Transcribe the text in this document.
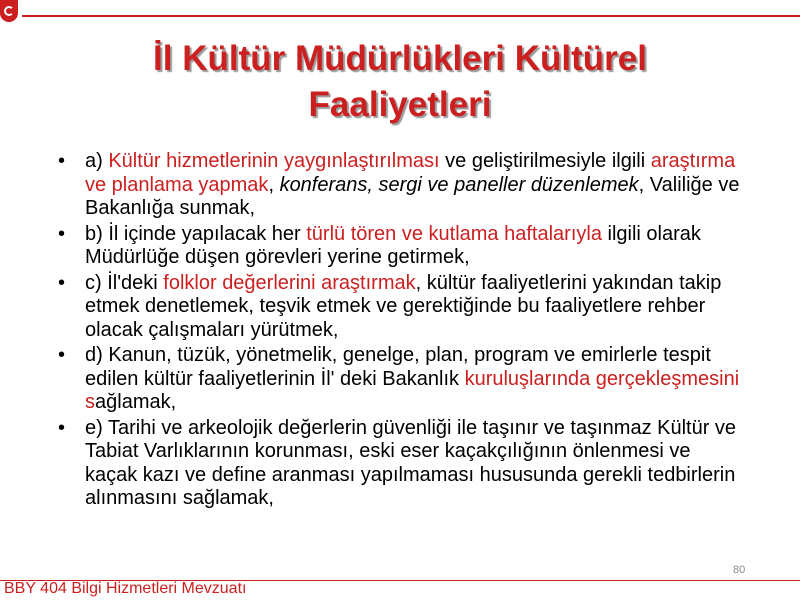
İl Kültür Müdürlükleri Kültürel
Faaliyetleri
• a) Kültür hizmetlerinin yaygınlaştırılması ve geliştirilmesiyle ilgili araştırma ve planlama yapmak, konferans, sergi ve paneller düzenlemek, Valiliğe ve Bakanlığa sunmak,
• b) İl içinde yapılacak her türlü tören ve kutlama haftalarıyla ilgili olarak Müdürlüğe düşen görevleri yerine getirmek,
• c) İl'deki folklor değerlerini araştırmak, kültür faaliyetlerini yakından takip etmek denetlemek, teşvik etmek ve gerektiğinde bu faaliyetlere rehber olacak çalışmaları yürütmek,
• d) Kanun, tüzük, yönetmelik, genelge, plan, program ve emirlerle tespit edilen kültür faaliyetlerinin İl' deki Bakanlık kuruluşlarında gerçekleşmesini sağlamak,
• e) Tarihi ve arkeolojik değerlerin güvenliği ile taşınır ve taşınmaz Kültür ve Tabiat Varlıklarının korunması, eski eser kaçakçılığının önlenmesi ve kaçak kazı ve define aranması yapılmaması hususunda gerekli tedbirlerin alınmasını sağlamak,
80
BBY 404 Bilgi Hizmetleri Mevzuatı
